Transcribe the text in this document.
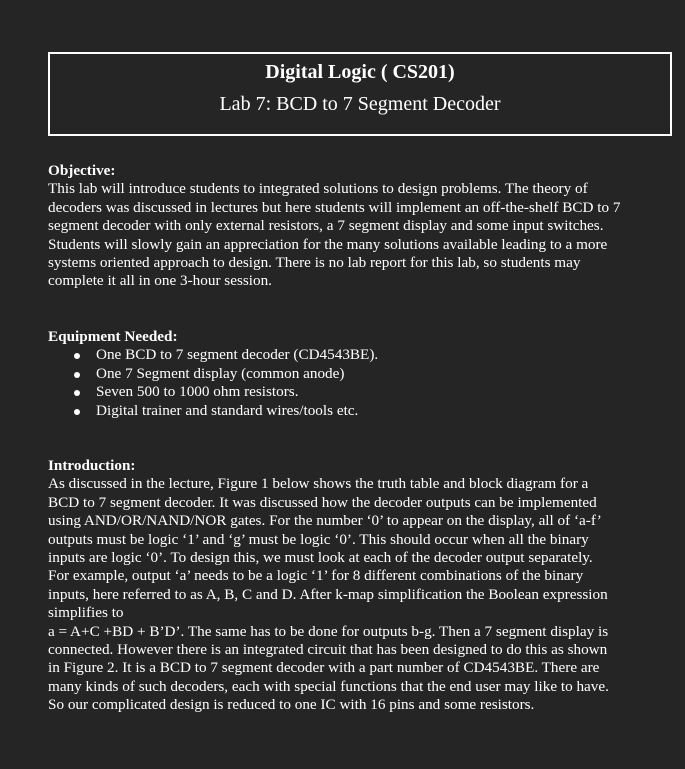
Digital Logic ( CS201)
Lab 7: BCD to 7 Segment Decoder
Objective:
This lab will introduce students to integrated solutions to design problems. The theory of
decoders was discussed in lectures but here students will implement an off-the-shelf BCD to 7
segment decoder with only external resistors, a 7 segment display and some input switches.
Students will slowly gain an appreciation for the many solutions available leading to a more
systems oriented approach to design. There is no lab report for this lab, so students may
complete it all in one 3-hour session.
Equipment Needed:
One BCD to 7 segment decoder (CD4543BE).
One 7 Segment display (common anode)
Seven 500 to 1000 ohm resistors.
Digital trainer and standard wires/tools etc.
Introduction:
As discussed in the lecture, Figure 1 below shows the truth table and block diagram for a
BCD to 7 segment decoder. It was discussed how the decoder outputs can be implemented
using AND/OR/NAND/NOR gates. For the number ‘0’ to appear on the display, all of ‘a-f’
outputs must be logic ‘1’ and ‘g’ must be logic ‘0’. This should occur when all the binary
inputs are logic ‘0’. To design this, we must look at each of the decoder output separately.
For example, output ‘a’ needs to be a logic ‘1’ for 8 different combinations of the binary
inputs, here referred to as A, B, C and D. After k-map simplification the Boolean expression
simplifies to
a = A+C +BD + B’D’. The same has to be done for outputs b-g. Then a 7 segment display is
connected. However there is an integrated circuit that has been designed to do this as shown
in Figure 2. It is a BCD to 7 segment decoder with a part number of CD4543BE. There are
many kinds of such decoders, each with special functions that the end user may like to have.
So our complicated design is reduced to one IC with 16 pins and some resistors.
